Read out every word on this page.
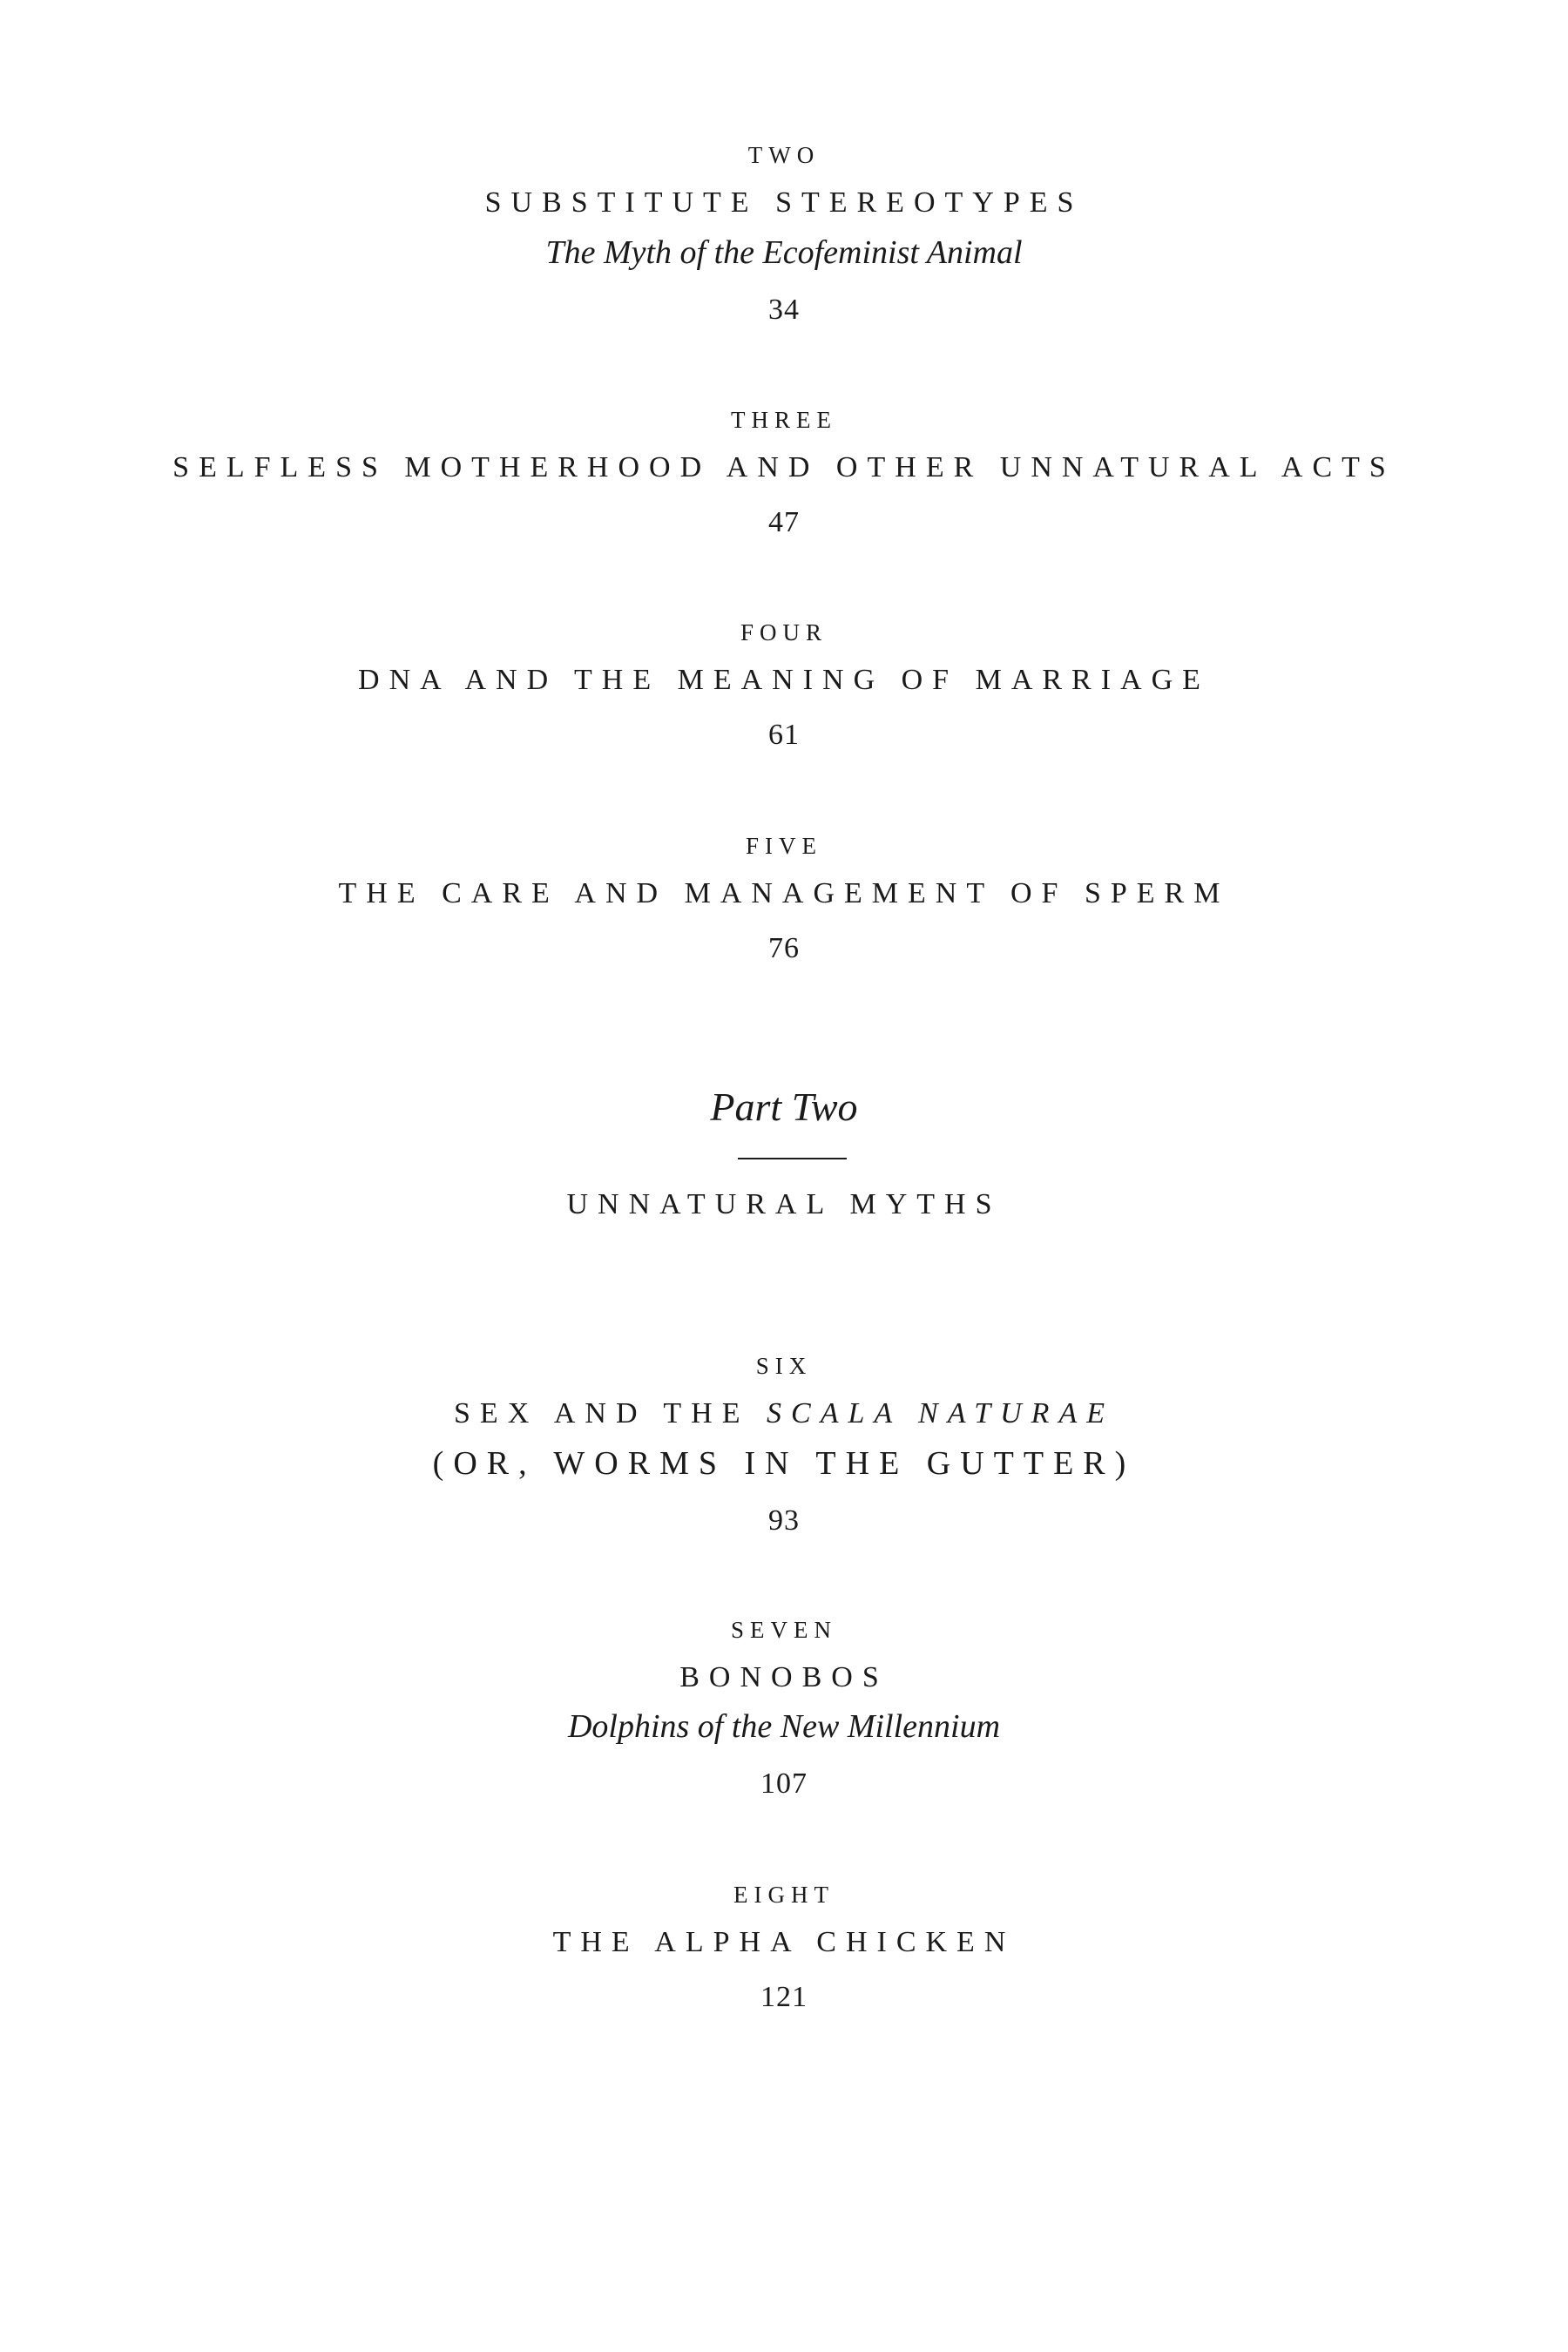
TWO
SUBSTITUTE STEREOTYPES
The Myth of the Ecofeminist Animal
34
THREE
SELFLESS MOTHERHOOD AND OTHER UNNATURAL ACTS
47
FOUR
DNA AND THE MEANING OF MARRIAGE
61
FIVE
THE CARE AND MANAGEMENT OF SPERM
76
Part Two
UNNATURAL MYTHS
SIX
SEX AND THE SCALA NATURAE
(OR, WORMS IN THE GUTTER)
93
SEVEN
BONOBOS
Dolphins of the New Millennium
107
EIGHT
THE ALPHA CHICKEN
121
